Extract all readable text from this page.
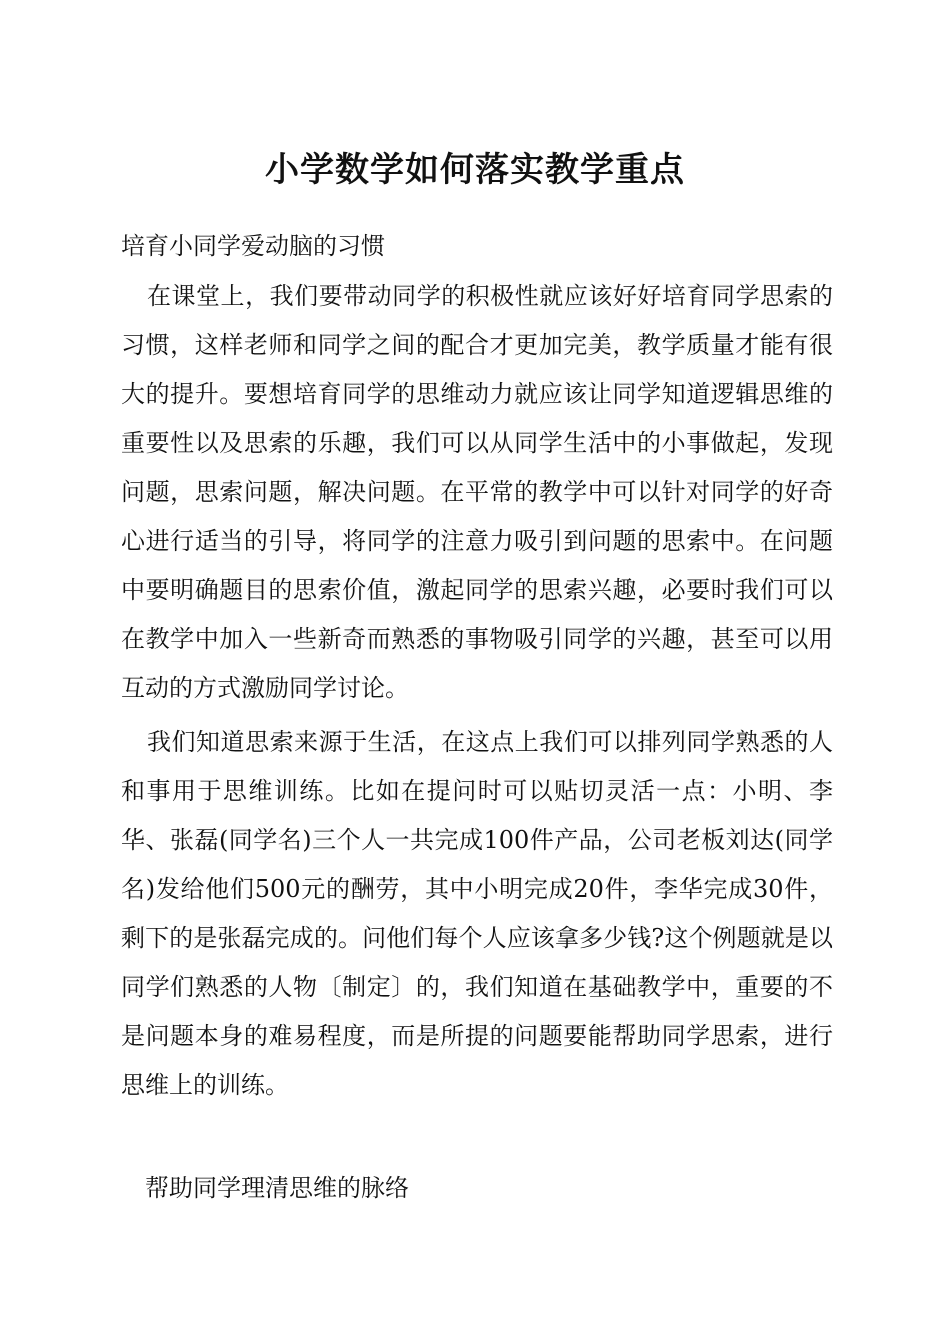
小学数学如何落实教学重点
培育小同学爱动脑的习惯

在课堂上，我们要带动同学的积极性就应该好好培育同学思索的习惯，这样老师和同学之间的配合才更加完美，教学质量才能有很大的提升。要想培育同学的思维动力就应该让同学知道逻辑思维的重要性以及思索的乐趣，我们可以从同学生活中的小事做起，发现问题，思索问题，解决问题。在平常的教学中可以针对同学的好奇心进行适当的引导，将同学的注意力吸引到问题的思索中。在问题中要明确题目的思索价值，激起同学的思索兴趣，必要时我们可以在教学中加入一些新奇而熟悉的事物吸引同学的兴趣，甚至可以用互动的方式激励同学讨论。

我们知道思索来源于生活，在这点上我们可以排列同学熟悉的人和事用于思维训练。比如在提问时可以贴切灵活一点：小明、李华、张磊(同学名)三个人一共完成100件产品，公司老板刘达(同学名)发给他们500元的酬劳，其中小明完成20件，李华完成30件，剩下的是张磊完成的。问他们每个人应该拿多少钱?这个例题就是以同学们熟悉的人物〔制定〕的，我们知道在基础教学中，重要的不是问题本身的难易程度，而是所提的问题要能帮助同学思索，进行思维上的训练。

帮助同学理清思维的脉络
